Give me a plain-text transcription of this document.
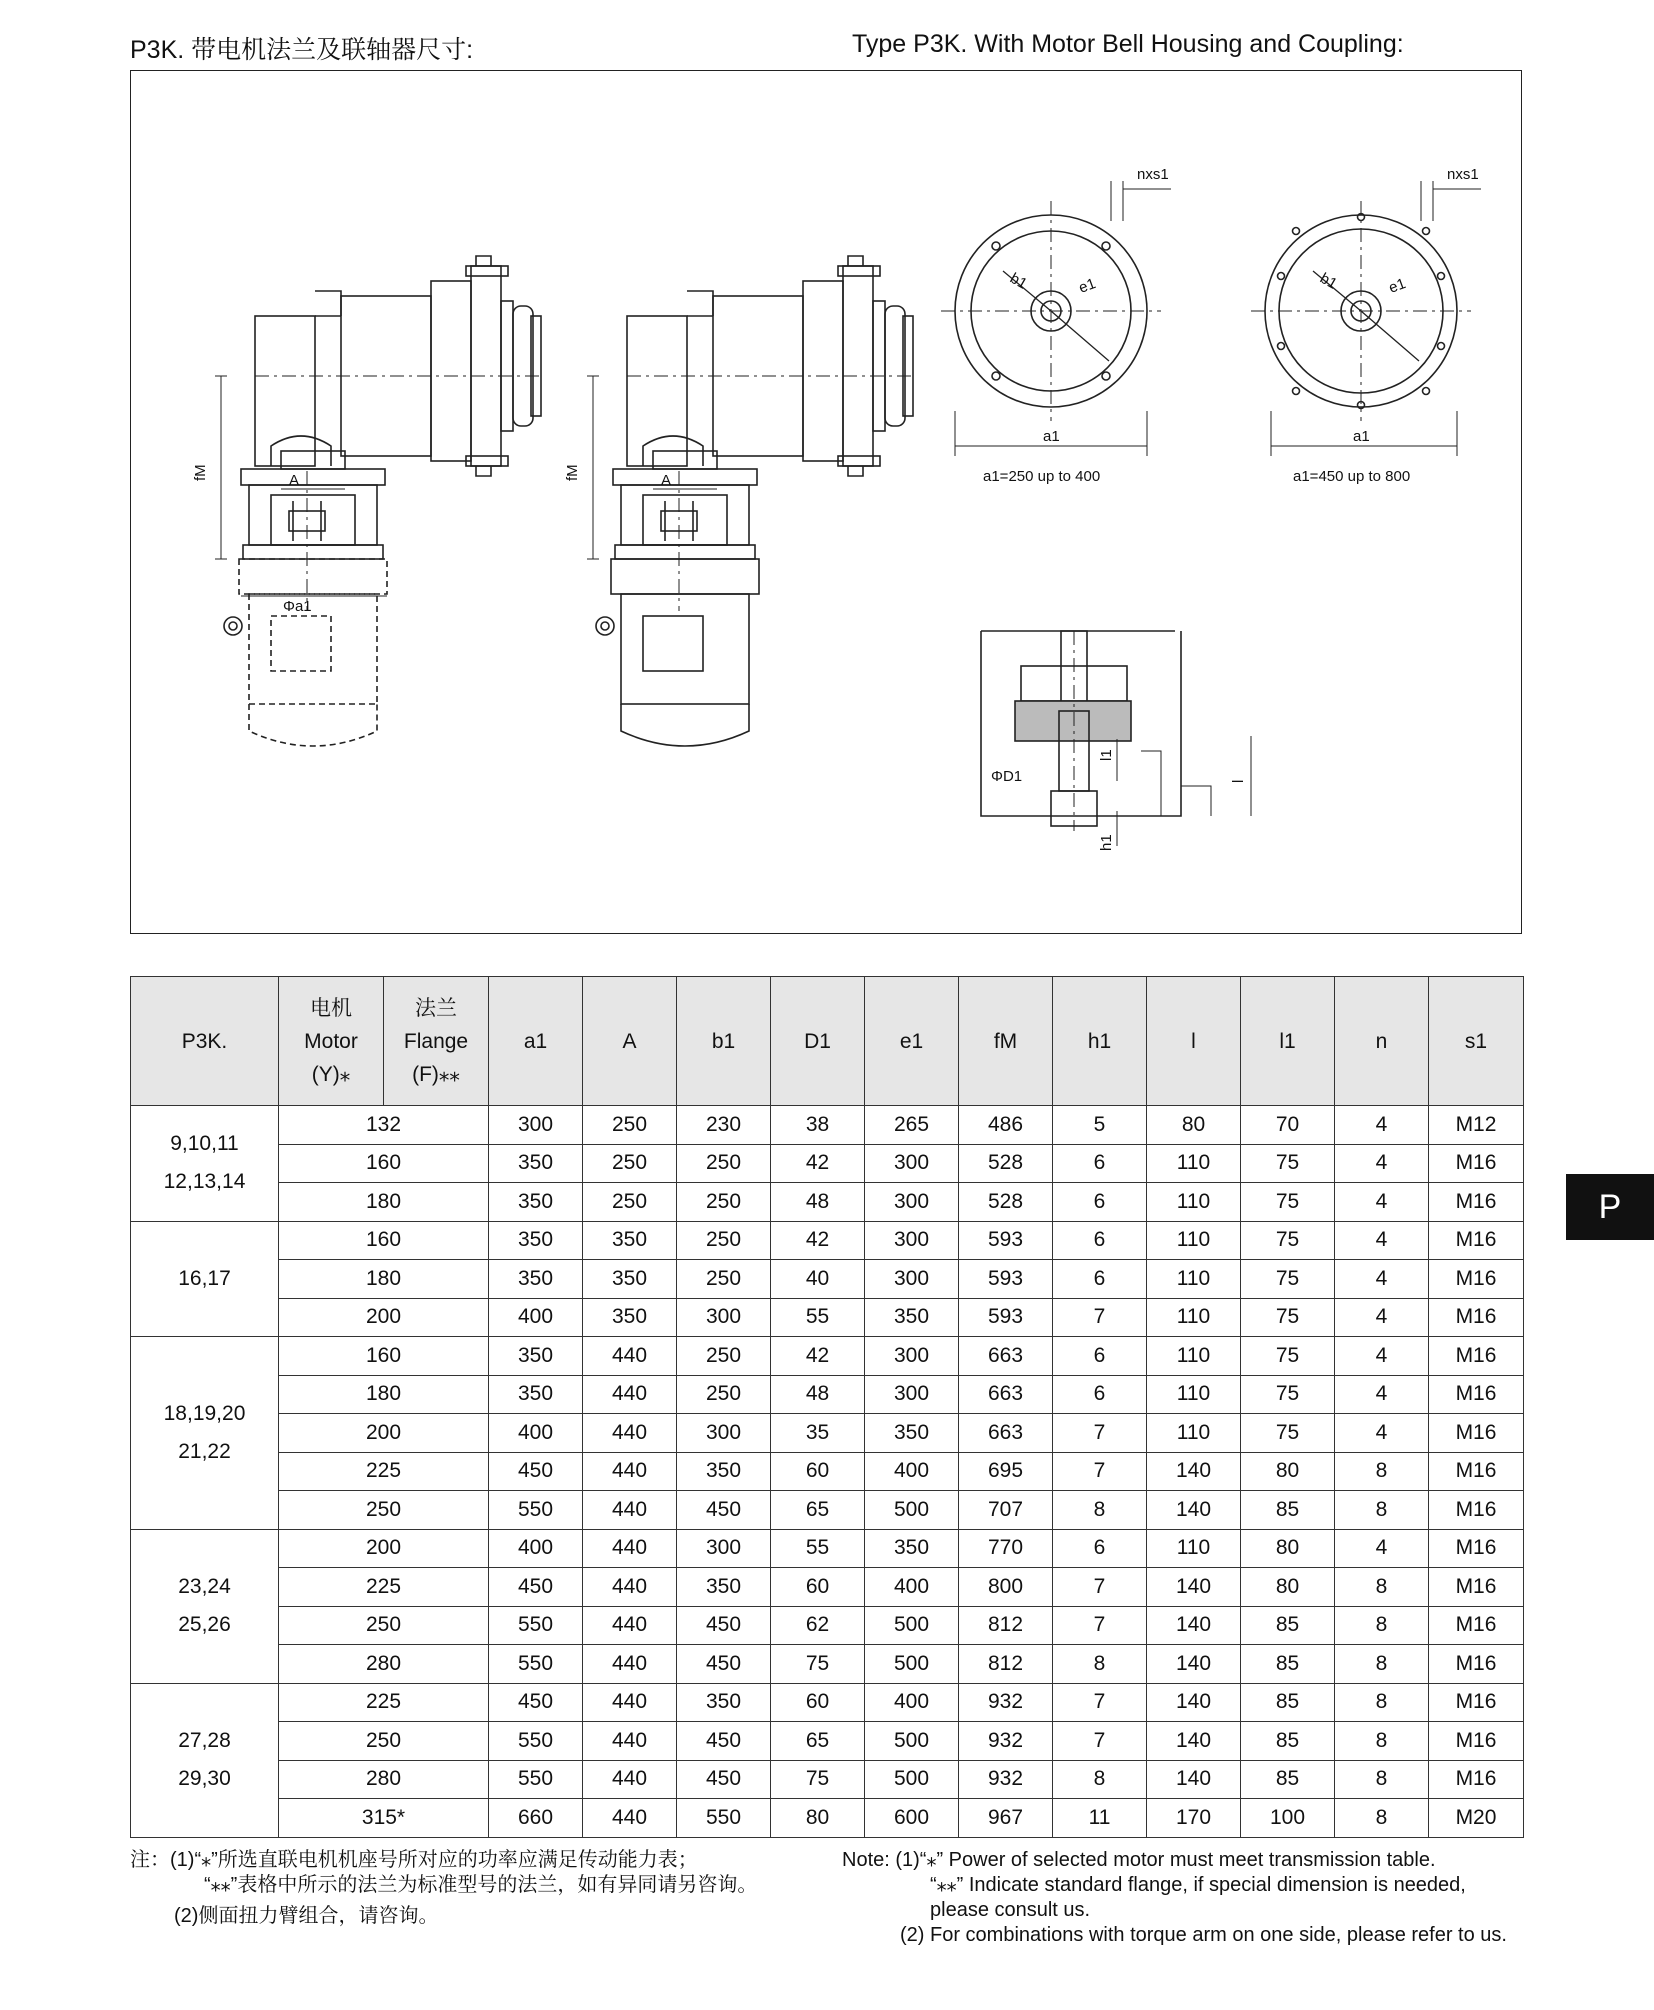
P3K. 带电机法兰及联轴器尺寸:	Type P3K. With Motor Bell Housing and Coupling:
fM	fM
A	A
Φa1
nxs1
b1	e1
a1
a1=250 up to 400
nxs1
b1	e1
a1
a1=450 up to 800
ΦD1
l1
l
h1
P
P3K.	电机
Motor
(Y)⁎	法兰
Flange
(F)⁎⁎	a1	A	b1	D1	e1	fM	h1	l	l1	n	s1

9,10,11
12,13,14	132		300	250	230	38	265	486	5	80	70	4	M12
	160		350	250	250	42	300	528	6	110	75	4	M16
	180		350	250	250	48	300	528	6	110	75	4	M16

16,17	160		350	350	250	42	300	593	6	110	75	4	M16
	180		350	350	250	40	300	593	6	110	75	4	M16
	200		400	350	300	55	350	593	7	110	75	4	M16

18,19,20
21,22	160		350	440	250	42	300	663	6	110	75	4	M16
	180		350	440	250	48	300	663	6	110	75	4	M16
	200		400	440	300	35	350	663	7	110	75	4	M16
	225		450	440	350	60	400	695	7	140	80	8	M16
	250		550	440	450	65	500	707	8	140	85	8	M16

23,24
25,26	200		400	440	300	55	350	770	6	110	80	4	M16
	225		450	440	350	60	400	800	7	140	80	8	M16
	250		550	440	450	62	500	812	7	140	85	8	M16
	280		550	440	450	75	500	812	8	140	85	8	M16

27,28
29,30	225		450	440	350	60	400	932	7	140	85	8	M16
	250		550	440	450	65	500	932	7	140	85	8	M16
	280		550	440	450	75	500	932	8	140	85	8	M16
	315*		660	440	550	80	600	967	11	170	100	8	M20
注：(1)“⁎”所选直联电机机座号所对应的功率应满足传动能力表；
“⁎⁎”表格中所示的法兰为标准型号的法兰，如有异同请另咨询。
(2)侧面扭力臂组合，请咨询。
Note: (1)“⁎” Power of selected motor must meet transmission table.
“⁎⁎” Indicate standard flange, if special dimension is needed,
please consult us.
(2) For combinations with torque arm on one side, please refer to us.
